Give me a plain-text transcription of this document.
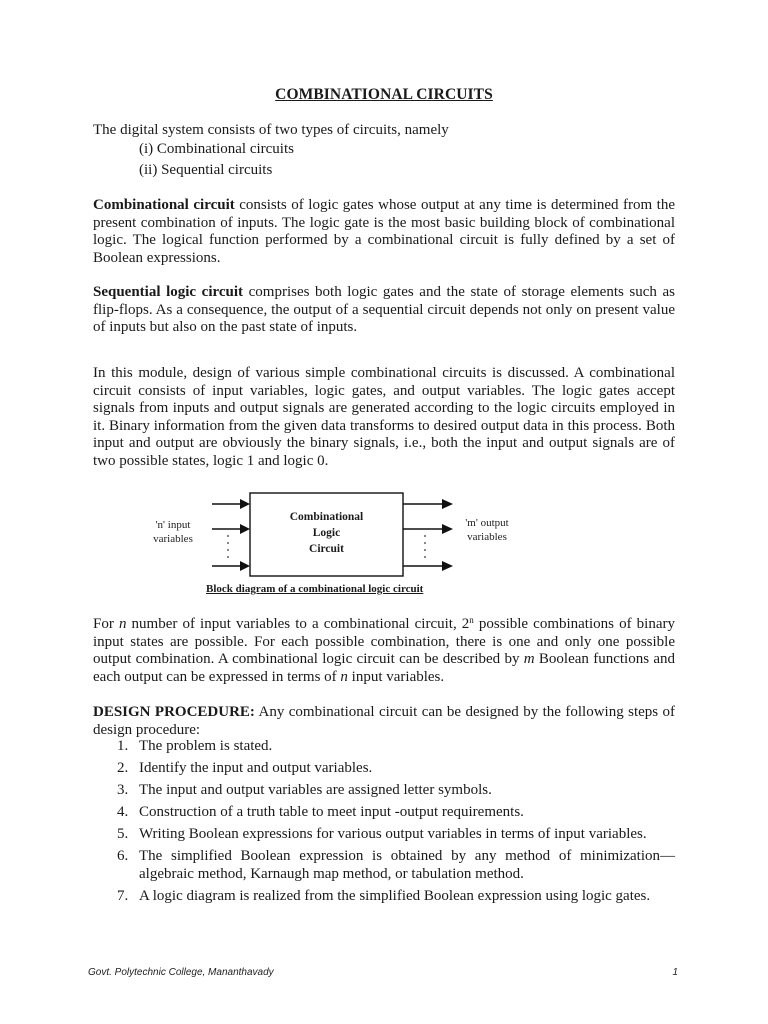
COMBINATIONAL CIRCUITS
The digital system consists of two types of circuits, namely
(i) Combinational circuits
(ii) Sequential circuits

Combinational circuit consists of logic gates whose output at any time is determined from the present combination of inputs. The logic gate is the most basic building block of combinational logic. The logical function performed by a combinational circuit is fully defined by a set of Boolean expressions.

Sequential logic circuit comprises both logic gates and the state of storage elements such as flip-flops. As a consequence, the output of a sequential circuit depends not only on present value of inputs but also on the past state of inputs.

In this module, design of various simple combinational circuits is discussed. A combinational circuit consists of input variables, logic gates, and output variables. The logic gates accept signals from inputs and output signals are generated according to the logic circuits employed in it. Binary information from the given data transforms to desired output data in this process. Both input and output are obviously the binary signals, i.e., both the input and output signals are of two possible states, logic 1 and logic 0.

For n number of input variables to a combinational circuit, 2$^n$ possible combinations of binary input states are possible. For each possible combination, there is one and only one possible output combination. A combinational logic circuit can be described by m Boolean functions and each output can be expressed in terms of n input variables.

DESIGN PROCEDURE: Any combinational circuit can be designed by the following steps of design procedure:

1. The problem is stated.
2. Identify the input and output variables.
3. The input and output variables are assigned letter symbols.
4. Construction of a truth table to meet input -output requirements.
5. Writing Boolean expressions for various output variables in terms of input variables.
6. The simplified Boolean expression is obtained by any method of minimization—algebraic method, Karnaugh map method, or tabulation method.
7. A logic diagram is realized from the simplified Boolean expression using logic gates.
Combinational
Logic
Circuit
'n' input
variables
'm' output
variables
Block diagram of a combinational logic circuit
Govt. Polytechnic College, Mananthavady	1
